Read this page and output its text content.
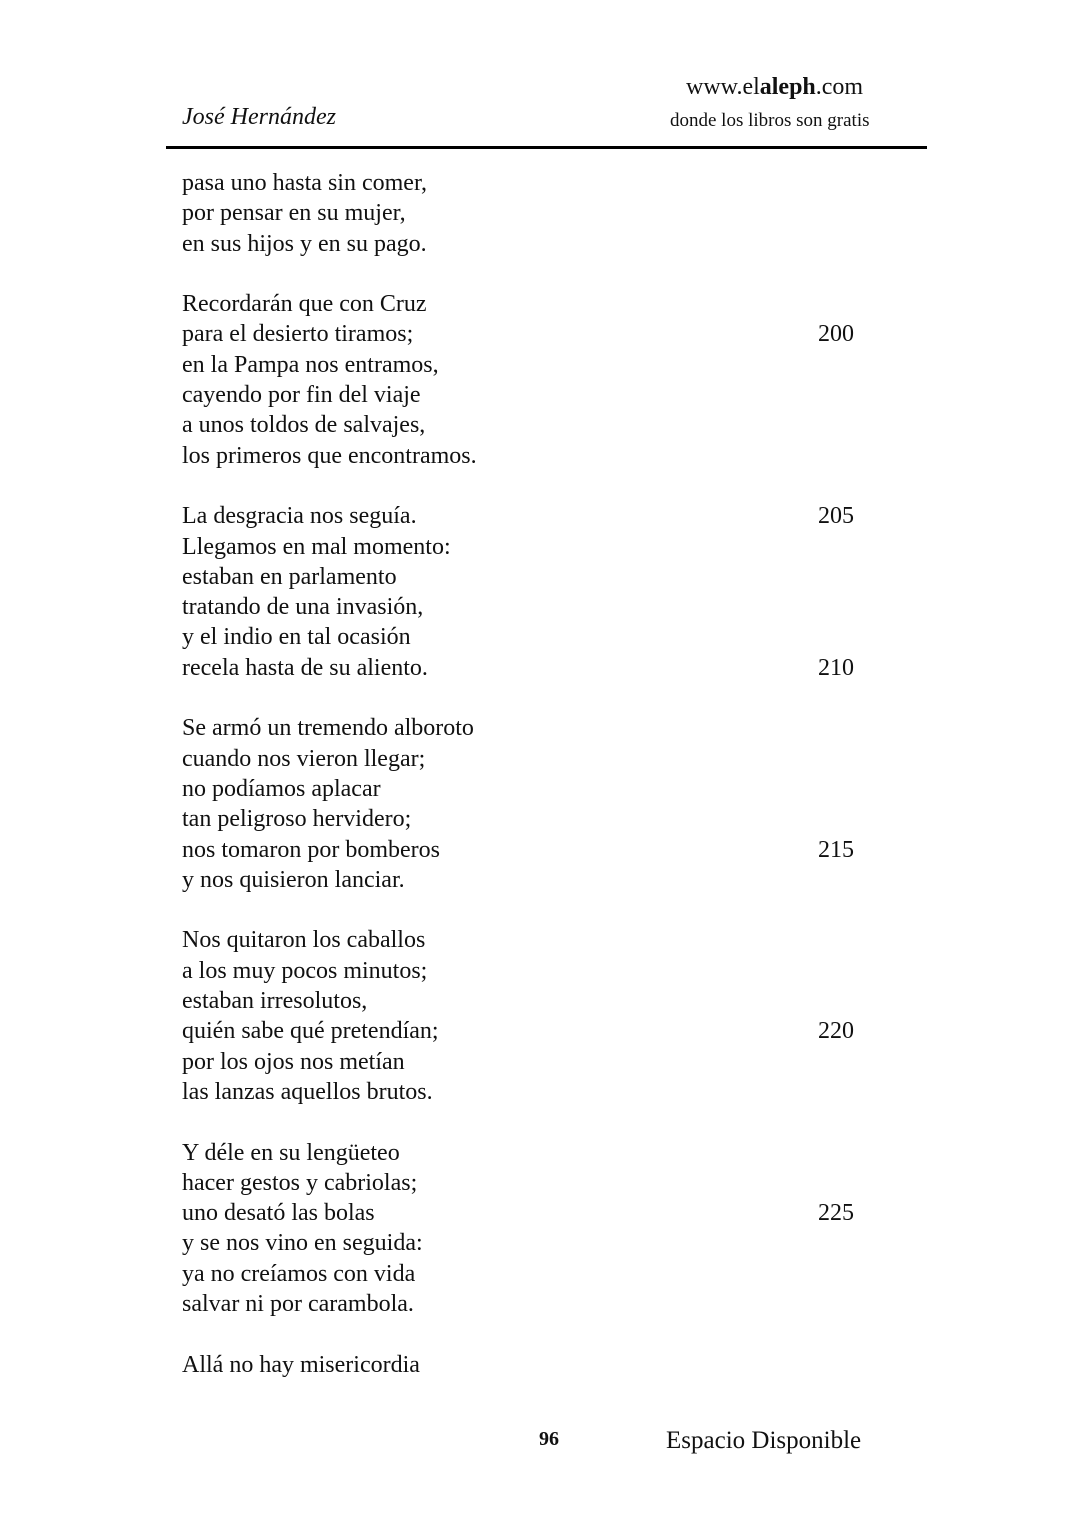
José Hernández
www.elaleph.com
donde los libros son gratis
pasa uno hasta sin comer,
por pensar en su mujer,
en sus hijos y en su pago.
Recordarán que con Cruz
para el desierto tiramos;	200
en la Pampa nos entramos,
cayendo por fin del viaje
a unos toldos de salvajes,
los primeros que encontramos.
La desgracia nos seguía.	205
Llegamos en mal momento:
estaban en parlamento
tratando de una invasión,
y el indio en tal ocasión
recela hasta de su aliento.	210
Se armó un tremendo alboroto
cuando nos vieron llegar;
no podíamos aplacar
tan peligroso hervidero;
nos tomaron por bomberos	215
y nos quisieron lanciar.
Nos quitaron los caballos
a los muy pocos minutos;
estaban irresolutos,
quién sabe qué pretendían;	220
por los ojos nos metían
las lanzas aquellos brutos.
Y déle en su lengüeteo
hacer gestos y cabriolas;
uno desató las bolas	225
y se nos vino en seguida:
ya no creíamos con vida
salvar ni por carambola.
Allá no hay misericordia
96	Espacio Disponible
